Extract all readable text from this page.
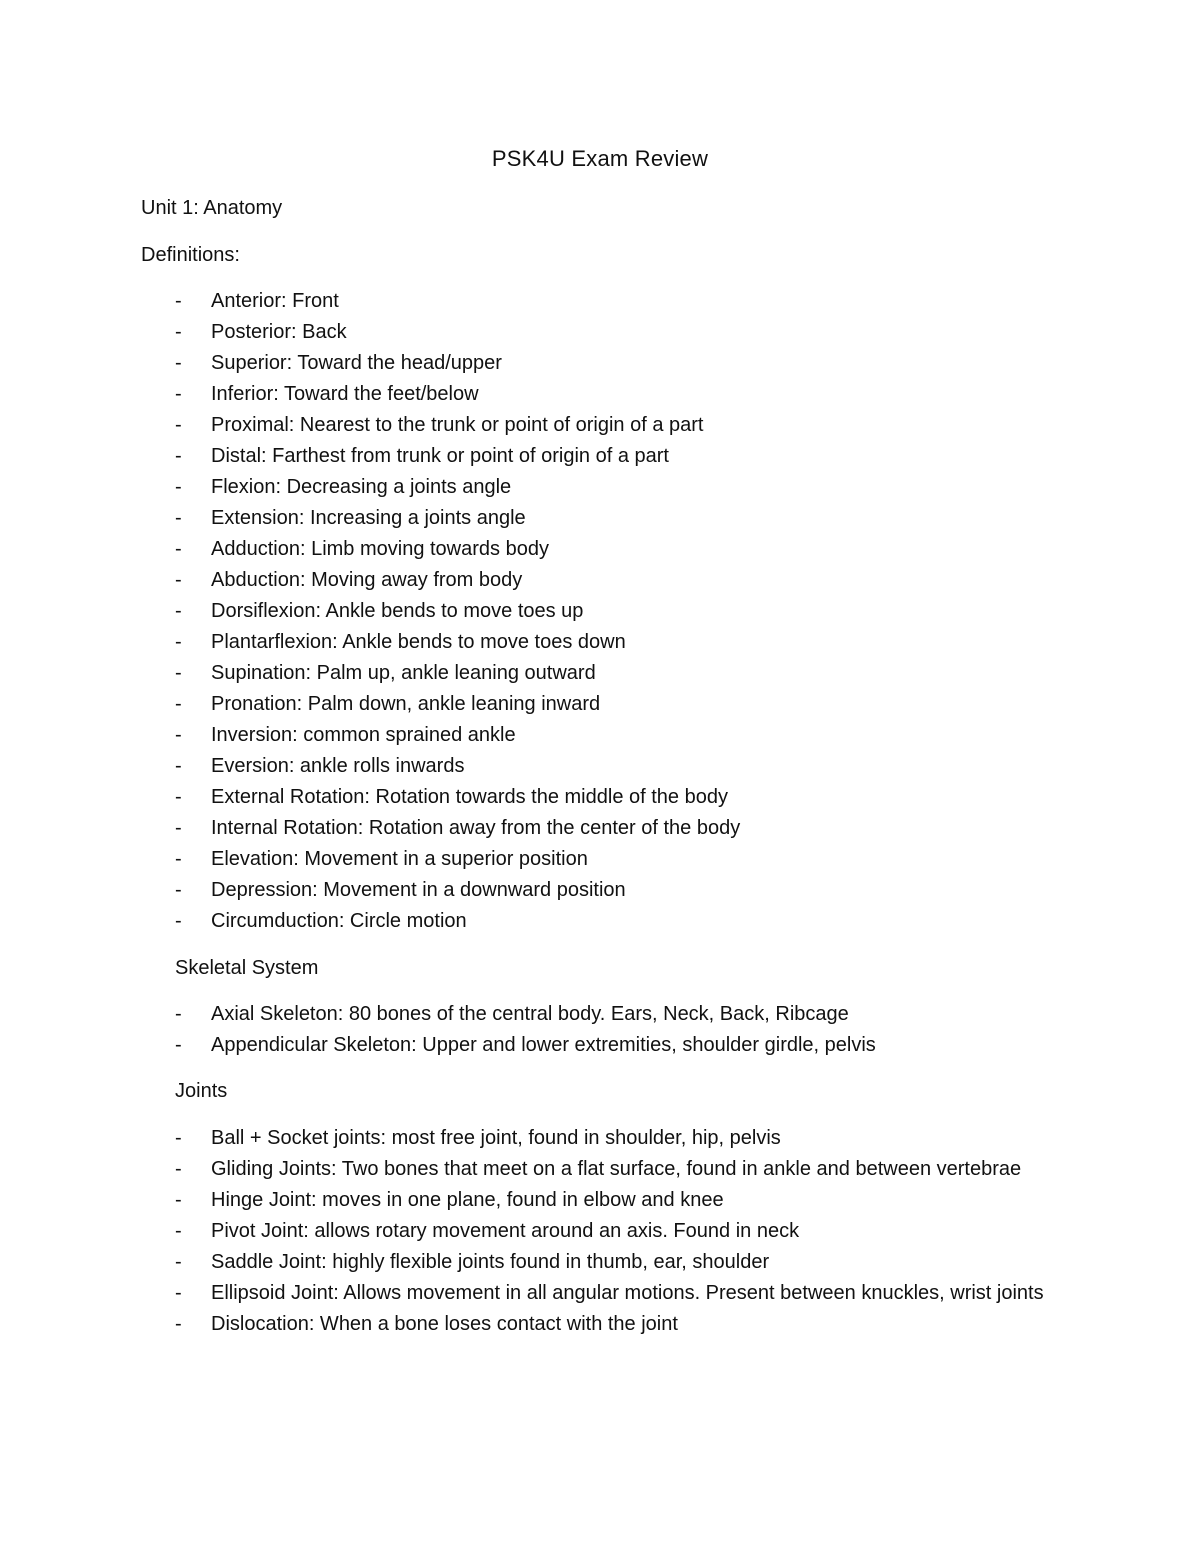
PSK4U Exam Review
Unit 1: Anatomy
Definitions:
- Anterior: Front
- Posterior: Back
- Superior: Toward the head/upper
- Inferior: Toward the feet/below
- Proximal: Nearest to the trunk or point of origin of a part
- Distal: Farthest from trunk or point of origin of a part
- Flexion: Decreasing a joints angle
- Extension: Increasing a joints angle
- Adduction: Limb moving towards body
- Abduction: Moving away from body
- Dorsiflexion: Ankle bends to move toes up
- Plantarflexion: Ankle bends to move toes down
- Supination: Palm up, ankle leaning outward
- Pronation: Palm down, ankle leaning inward
- Inversion: common sprained ankle
- Eversion: ankle rolls inwards
- External Rotation: Rotation towards the middle of the body
- Internal Rotation: Rotation away from the center of the body
- Elevation: Movement in a superior position
- Depression: Movement in a downward position
- Circumduction: Circle motion
Skeletal System
- Axial Skeleton: 80 bones of the central body. Ears, Neck, Back, Ribcage
- Appendicular Skeleton: Upper and lower extremities, shoulder girdle, pelvis
Joints
- Ball + Socket joints: most free joint, found in shoulder, hip, pelvis
- Gliding Joints: Two bones that meet on a flat surface, found in ankle and between vertebrae
- Hinge Joint: moves in one plane, found in elbow and knee
- Pivot Joint: allows rotary movement around an axis. Found in neck
- Saddle Joint: highly flexible joints found in thumb, ear, shoulder
- Ellipsoid Joint: Allows movement in all angular motions. Present between knuckles, wrist joints
- Dislocation: When a bone loses contact with the joint
